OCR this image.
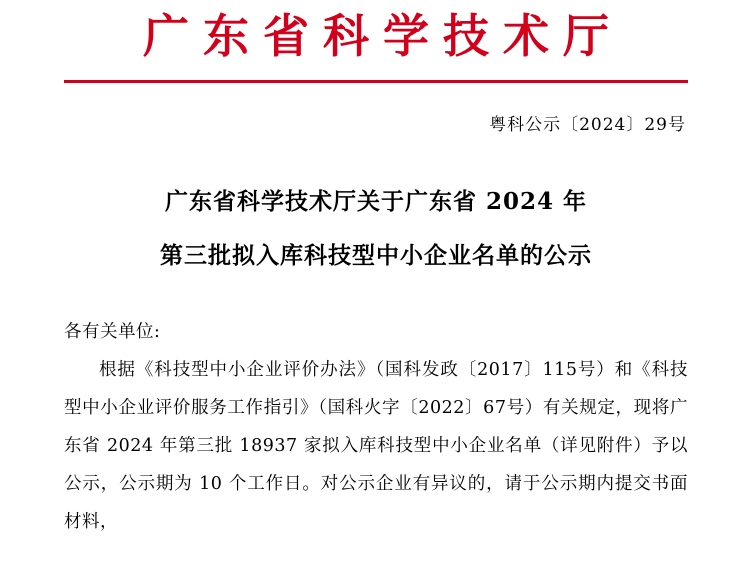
广东省科学技术厅
粤科公示〔2024〕29号
广东省科学技术厅关于广东省 2024 年
第三批拟入库科技型中小企业名单的公示
各有关单位:
根据《科技型中小企业评价办法》（国科发政〔2017〕115号）和《科技型中小企业评价服务工作指引》（国科火字〔2022〕67号）有关规定，现将广东省 2024 年第三批 18937 家拟入库科技型中小企业名单（详见附件）予以公示，公示期为 10 个工作日。对公示企业有异议的，请于公示期内提交书面材料，
